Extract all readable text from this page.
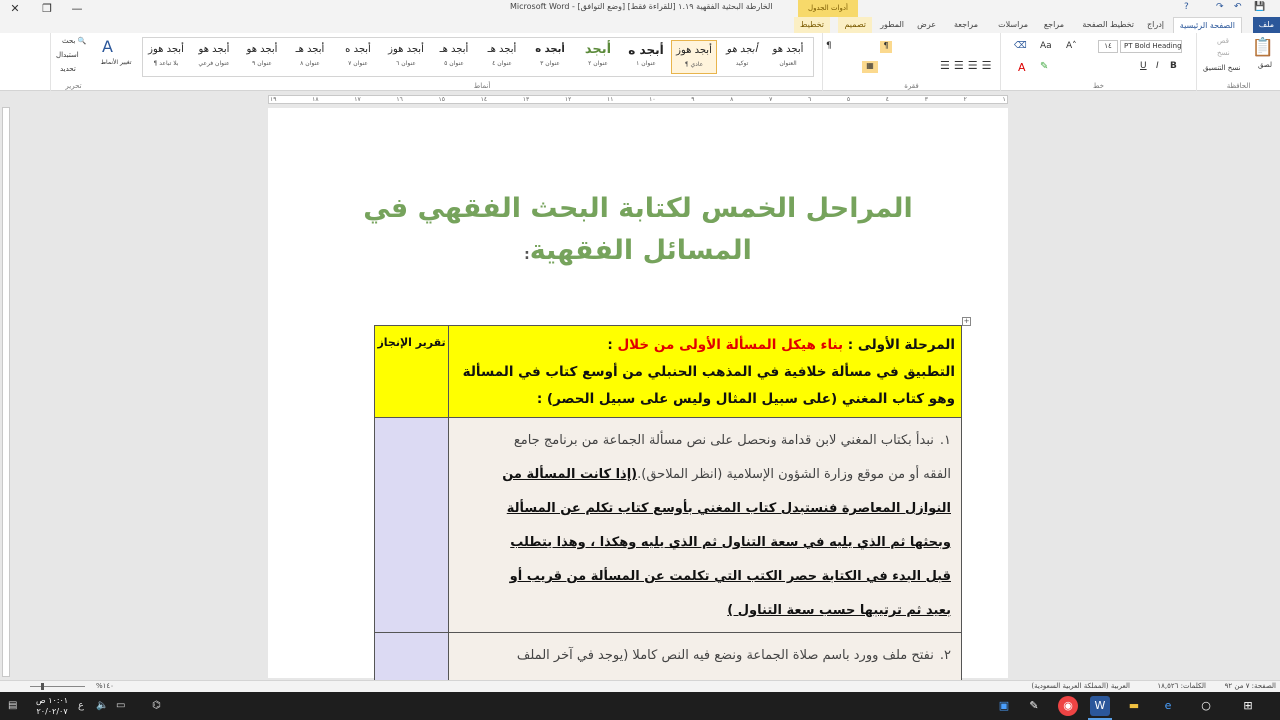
✕	❐	—	الخارطة البحثية الفقهية ١.١٩ [للقراءة فقط] [وضع التوافق] - Microsoft Word	أدوات الجدول	?	↷ ↶ 💾
ملف
الصفحة الرئيسية
إدراج
تخطيط الصفحة
مراجع
مراسلات
مراجعة
عرض
المطور
تصميم
تخطيط
📋
لصق
قص
نسخ
نسخ التنسيق
الحافظة
خط
PT Bold Heading
١٤
B
I
U
A ✎
A˄
Aa
⌫
فقرة
¶
¶
▦	☰☰☰☰
أبجد هو
العنوان
أبجد هو
توكيد
أبجد هوز
¶ عادي
أبجد ه
عنوان ١
أبجد
عنوان ٢
أبجد ه
عنوان ٣
أبجد هـ
عنوان ٤
أبجد هـ
عنوان ٥
أبجد هوز
عنوان ٦
أبجد ه
عنوان ٧
أبجد هـ
عنوان ٨
أبجد هو
عنوان ٩
أبجد هو
عنوان فرعي
أبجد هوز
¶ بلا تباعد
أنماط
A
تغيير الأنماط
تحرير
بحث 🔍
استبدال
تحديد
١٩	١٨	١٧	١٦	١٥	١٤	١٣	١٢	١١	١٠	٩	٨	٧	٦	٥	٤	٣	٢	١
المراحل الخمس لكتابة البحث الفقهي في المسائل الفقهية:
+
المرحلة الأولى : بناء هيكل المسألة الأولى من خلال :
التطبيق في مسألة خلافية في المذهب الحنبلي من أوسع كتاب في المسألة وهو كتاب المغني (على سبيل المثال وليس على سبيل الحصر) :	تقرير الإنجاز
١.نبدأ بكتاب المغني لابن قدامة ونحصل على نص مسألة الجماعة من برنامج جامع الفقه أو من موقع وزارة الشؤون الإسلامية (انظر الملاحق).(إذا كانت المسألة من النوازل المعاصرة فنستبدل كتاب المغني بأوسع كتاب تكلم عن المسألة وبحثها ثم الذي يليه في سعة التناول ثم الذي يليه وهكذا ، وهذا يتطلب قبل البدء في الكتابة حصر الكتب التي تكلمت عن المسألة من قريب أو بعيد ثم ترتيبها حسب سعة التناول )	
٢.نفتح ملف وورد باسم صلاة الجماعة ونضع فيه النص كاملا (يوجد في آخر الملف	
الصفحة: ٧ من ٩٢
الكلمات: ١٨,٥٢٦
العربية (المملكة العربية السعودية)
%١٤٠
⊞
○
e
▬
W
◉
✎
▣
١٠:٠١ ص
٢٠/٠٢/٠٧
▤	ع 🔈 ▭	⌬
